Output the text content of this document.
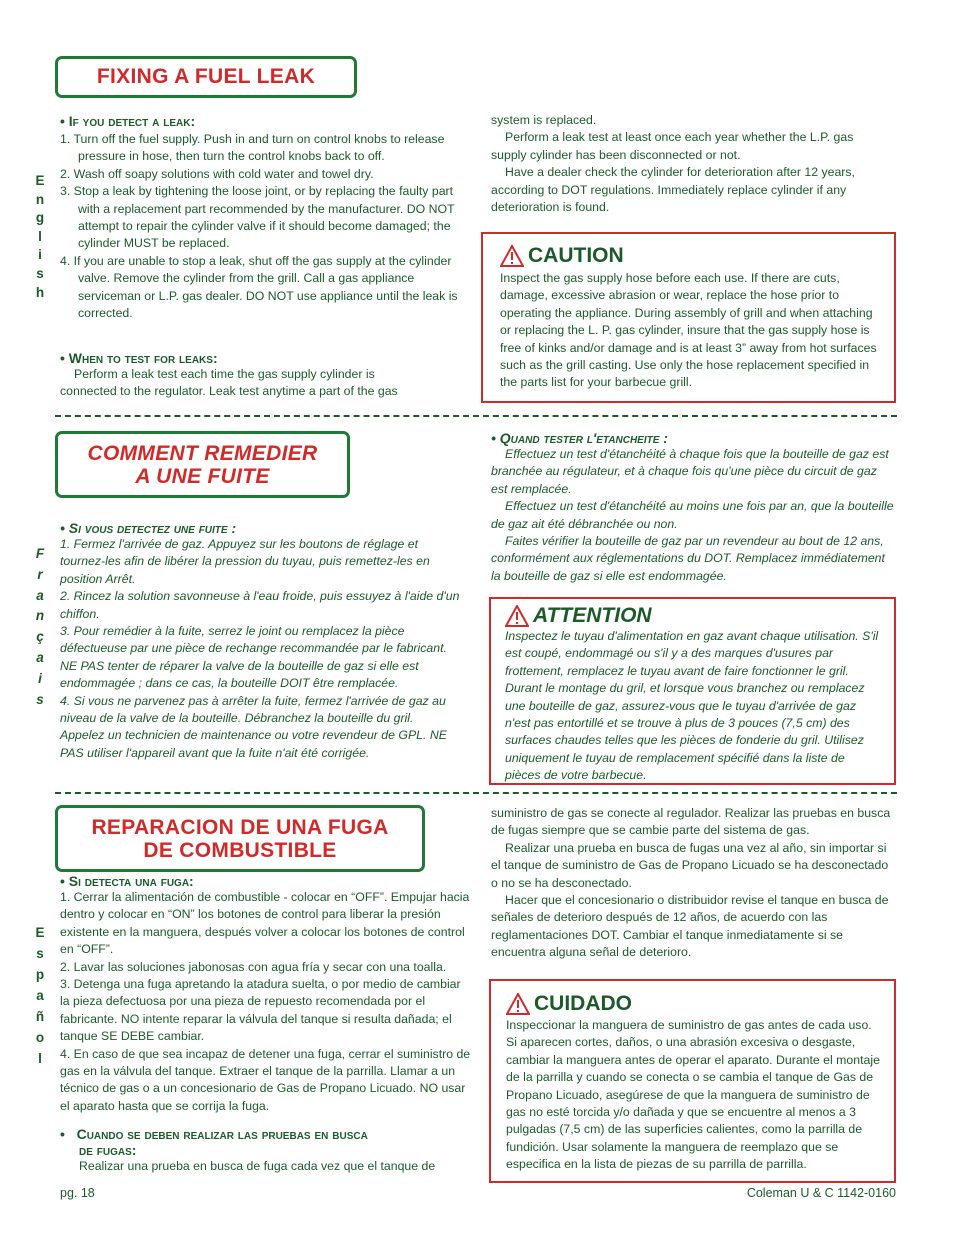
FIXING A FUEL LEAK
E
n
g
l
i
s
h
• If you detect a leak:

1. Turn off the fuel supply. Push in and turn on control knobs to release pressure in hose, then turn the control knobs back to off.

2. Wash off soapy solutions with cold water and towel dry.

3. Stop a leak by tightening the loose joint, or by replacing the faulty part with a replacement part recommended by the manufacturer. DO NOT attempt to repair the cylinder valve if it should become damaged; the cylinder MUST be replaced.

4. If you are unable to stop a leak, shut off the gas supply at the cylinder valve. Remove the cylinder from the grill. Call a gas appliance serviceman or L.P. gas dealer. DO NOT use appliance until the leak is corrected.

• When to test for leaks:

Perform a leak test each time the gas supply cylinder is connected to the regulator. Leak test anytime a part of the gas

system is replaced.

Perform a leak test at least once each year whether the L.P. gas supply cylinder has been disconnected or not.

Have a dealer check the cylinder for deterioration after 12 years, according to DOT regulations. Immediately replace cylinder if any deterioration is found.

CAUTION

Inspect the gas supply hose before each use. If there are cuts, damage, excessive abrasion or wear, replace the hose prior to operating the appliance. During assembly of grill and when attaching or replacing the L. P. gas cylinder, insure that the gas supply hose is free of kinks and/or damage and is at least 3” away from hot surfaces such as the grill casting. Use only the hose replacement specified in the parts list for your barbecue grill.

COMMENT REMEDIER
A UNE FUITE
F
r
a
n
ç
a
i
s
• Si vous detectez une fuite :

1. Fermez l'arrivée de gaz. Appuyez sur les boutons de réglage et tournez-les afin de libérer la pression du tuyau, puis remettez-les en position Arrêt.

2. Rincez la solution savonneuse à l'eau froide, puis essuyez à l'aide d'un chiffon.

3. Pour remédier à la fuite, serrez le joint ou remplacez la pièce défectueuse par une pièce de rechange recommandée par le fabricant. NE PAS tenter de réparer la valve de la bouteille de gaz si elle est endommagée ; dans ce cas, la bouteille DOIT être remplacée.

4. Si vous ne parvenez pas à arrêter la fuite, fermez l'arrivée de gaz au niveau de la valve de la bouteille. Débranchez la bouteille du gril. Appelez un technicien de maintenance ou votre revendeur de GPL. NE PAS utiliser l'appareil avant que la fuite n'ait été corrigée.

• Quand tester l'etancheite :

Effectuez un test d'étanchéité à chaque fois que la bouteille de gaz est branchée au régulateur, et à chaque fois qu'une pièce du circuit de gaz est remplacée.

Effectuez un test d'étanchéité au moins une fois par an, que la bouteille de gaz ait été débranchée ou non.

Faites vérifier la bouteille de gaz par un revendeur au bout de 12 ans, conformément aux réglementations du DOT. Remplacez immédiatement la bouteille de gaz si elle est endommagée.

ATTENTION

Inspectez le tuyau d'alimentation en gaz avant chaque utilisation. S'il est coupé, endommagé ou s'il y a des marques d'usures par frottement, remplacez le tuyau avant de faire fonctionner le gril. Durant le montage du gril, et lorsque vous branchez ou remplacez une bouteille de gaz, assurez-vous que le tuyau d'arrivée de gaz n'est pas entortillé et se trouve à plus de 3 pouces (7,5 cm) des surfaces chaudes telles que les pièces de fonderie du gril. Utilisez uniquement le tuyau de remplacement spécifié dans la liste de pièces de votre barbecue.

REPARACION DE UNA FUGA
DE COMBUSTIBLE
E
s
p
a
ñ
o
l
• Si detecta una fuga:

1. Cerrar la alimentación de combustible - colocar en “OFF”. Empujar hacia dentro y colocar en “ON” los botones de control para liberar la presión existente en la manguera, después volver a colocar los botones de control en “OFF”.

2. Lavar las soluciones jabonosas con agua fría y secar con una toalla.

3. Detenga una fuga apretando la atadura suelta, o por medio de cambiar la pieza defectuosa por una pieza de repuesto recomendada por el fabricante. NO intente reparar la válvula del tanque si resulta dañada; el tanque SE DEBE cambiar.

4. En caso de que sea incapaz de detener una fuga, cerrar el suministro de gas en la válvula del tanque. Extraer el tanque de la parrilla. Llamar a un técnico de gas o a un concesionario de Gas de Propano Licuado. NO usar el aparato hasta que se corrija la fuga.

•   Cuando se deben realizar las pruebas en busca
de fugas:

Realizar una prueba en busca de fuga cada vez que el tanque de

suministro de gas se conecte al regulador. Realizar las pruebas en busca de fugas siempre que se cambie parte del sistema de gas.

Realizar una prueba en busca de fugas una vez al año, sin importar si el tanque de suministro de Gas de Propano Licuado se ha desconectado o no se ha desconectado.

Hacer que el concesionario o distribuidor revise el tanque en busca de señales de deterioro después de 12 años, de acuerdo con las reglamentaciones DOT. Cambiar el tanque inmediatamente si se encuentra alguna señal de deterioro.

CUIDADO

Inspeccionar la manguera de suministro de gas antes de cada uso. Si aparecen cortes, daños, o una abrasión excesiva o desgaste, cambiar la manguera antes de operar el aparato. Durante el montaje de la parrilla y cuando se conecta o se cambia el tanque de Gas de Propano Licuado, asegúrese de que la manguera de suministro de gas no esté torcida y/o dañada y que se encuentre al menos a 3 pulgadas (7,5 cm) de las superficies calientes, como la parrilla de fundición. Usar solamente la manguera de reemplazo que se especifica en la lista de piezas de su parrilla de parrilla.

pg. 18	Coleman U & C 1142-0160
